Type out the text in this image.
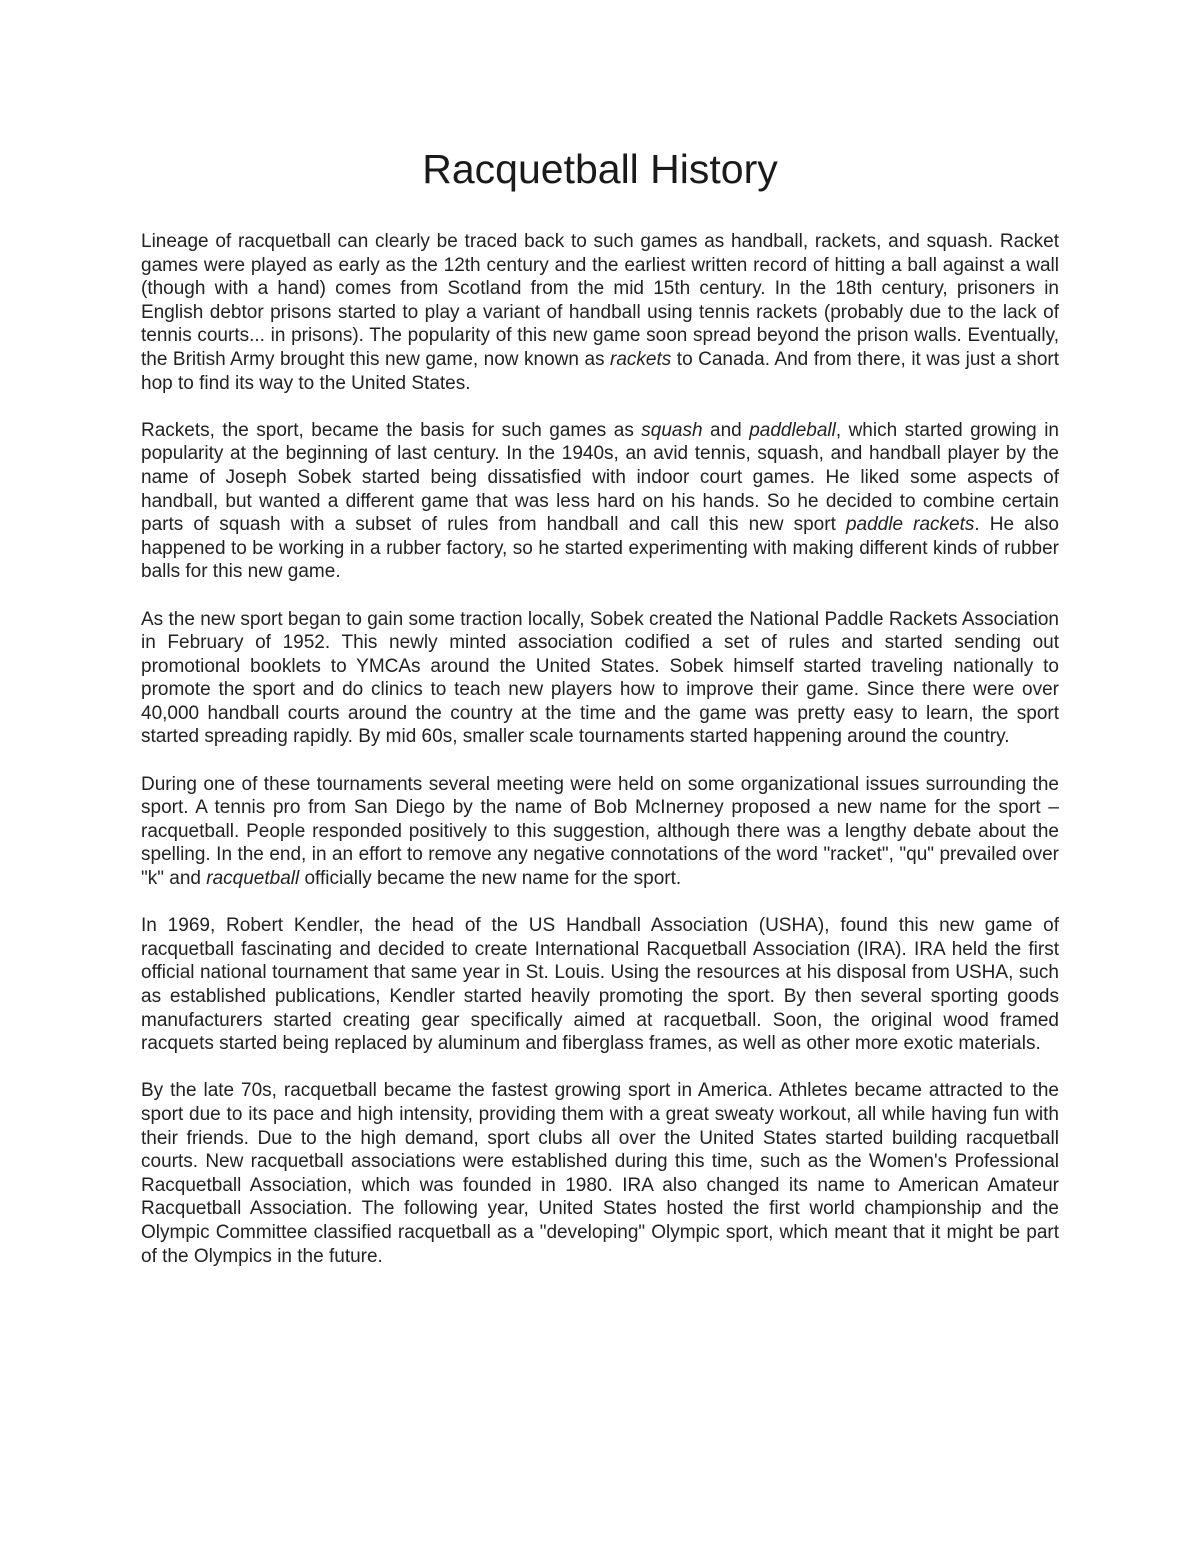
Racquetball History

Lineage of racquetball can clearly be traced back to such games as handball, rackets, and squash. Racket games were played as early as the 12th century and the earliest written record of hitting a ball against a wall (though with a hand) comes from Scotland from the mid 15th century. In the 18th century, prisoners in English debtor prisons started to play a variant of handball using tennis rackets (probably due to the lack of tennis courts... in prisons). The popularity of this new game soon spread beyond the prison walls. Eventually, the British Army brought this new game, now known as rackets to Canada. And from there, it was just a short hop to find its way to the United States.

Rackets, the sport, became the basis for such games as squash and paddleball, which started growing in popularity at the beginning of last century. In the 1940s, an avid tennis, squash, and handball player by the name of Joseph Sobek started being dissatisfied with indoor court games. He liked some aspects of handball, but wanted a different game that was less hard on his hands. So he decided to combine certain parts of squash with a subset of rules from handball and call this new sport paddle rackets. He also happened to be working in a rubber factory, so he started experimenting with making different kinds of rubber balls for this new game.

As the new sport began to gain some traction locally, Sobek created the National Paddle Rackets Association in February of 1952. This newly minted association codified a set of rules and started sending out promotional booklets to YMCAs around the United States. Sobek himself started traveling nationally to promote the sport and do clinics to teach new players how to improve their game. Since there were over 40,000 handball courts around the country at the time and the game was pretty easy to learn, the sport started spreading rapidly. By mid 60s, smaller scale tournaments started happening around the country.

During one of these tournaments several meeting were held on some organizational issues surrounding the sport. A tennis pro from San Diego by the name of Bob McInerney proposed a new name for the sport – racquetball. People responded positively to this suggestion, although there was a lengthy debate about the spelling. In the end, in an effort to remove any negative connotations of the word "racket", "qu" prevailed over "k" and racquetball officially became the new name for the sport.

In 1969, Robert Kendler, the head of the US Handball Association (USHA), found this new game of racquetball fascinating and decided to create International Racquetball Association (IRA). IRA held the first official national tournament that same year in St. Louis. Using the resources at his disposal from USHA, such as established publications, Kendler started heavily promoting the sport. By then several sporting goods manufacturers started creating gear specifically aimed at racquetball. Soon, the original wood framed racquets started being replaced by aluminum and fiberglass frames, as well as other more exotic materials.

By the late 70s, racquetball became the fastest growing sport in America. Athletes became attracted to the sport due to its pace and high intensity, providing them with a great sweaty workout, all while having fun with their friends. Due to the high demand, sport clubs all over the United States started building racquetball courts. New racquetball associations were established during this time, such as the Women's Professional Racquetball Association, which was founded in 1980. IRA also changed its name to American Amateur Racquetball Association. The following year, United States hosted the first world championship and the Olympic Committee classified racquetball as a "developing" Olympic sport, which meant that it might be part of the Olympics in the future.
